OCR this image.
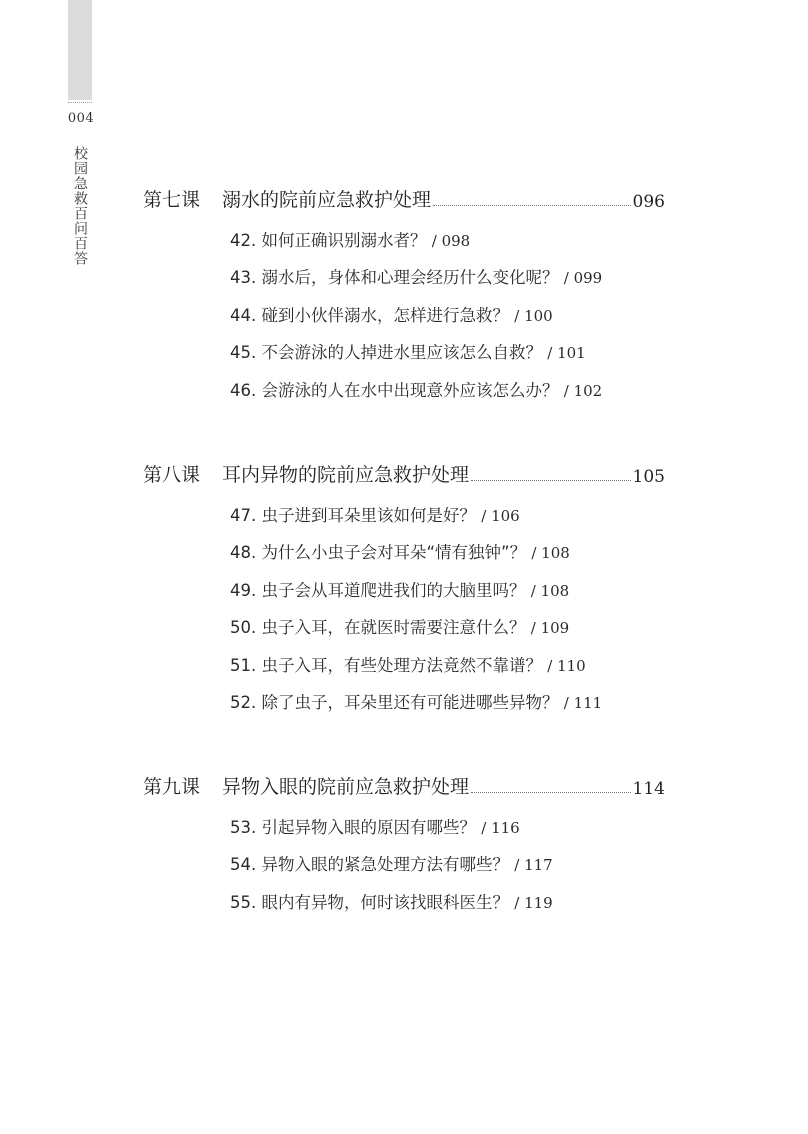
004
校园急救百问百答	第七课 溺水的院前应急救护处理	096
42. 如何正确识别溺水者？ / 098
43. 溺水后，身体和心理会经历什么变化呢？ / 099
44. 碰到小伙伴溺水，怎样进行急救？ / 100
45. 不会游泳的人掉进水里应该怎么自救？ / 101
46. 会游泳的人在水中出现意外应该怎么办？ / 102
第八课 耳内异物的院前应急救护处理	105
47. 虫子进到耳朵里该如何是好？ / 106
48. 为什么小虫子会对耳朵“情有独钟”？ / 108
49. 虫子会从耳道爬进我们的大脑里吗？ / 108
50. 虫子入耳，在就医时需要注意什么？ / 109
51. 虫子入耳，有些处理方法竟然不靠谱？ / 110
52. 除了虫子，耳朵里还有可能进哪些异物？ / 111
第九课 异物入眼的院前应急救护处理	114
53. 引起异物入眼的原因有哪些？ / 116
54. 异物入眼的紧急处理方法有哪些？ / 117
55. 眼内有异物，何时该找眼科医生？ / 119
